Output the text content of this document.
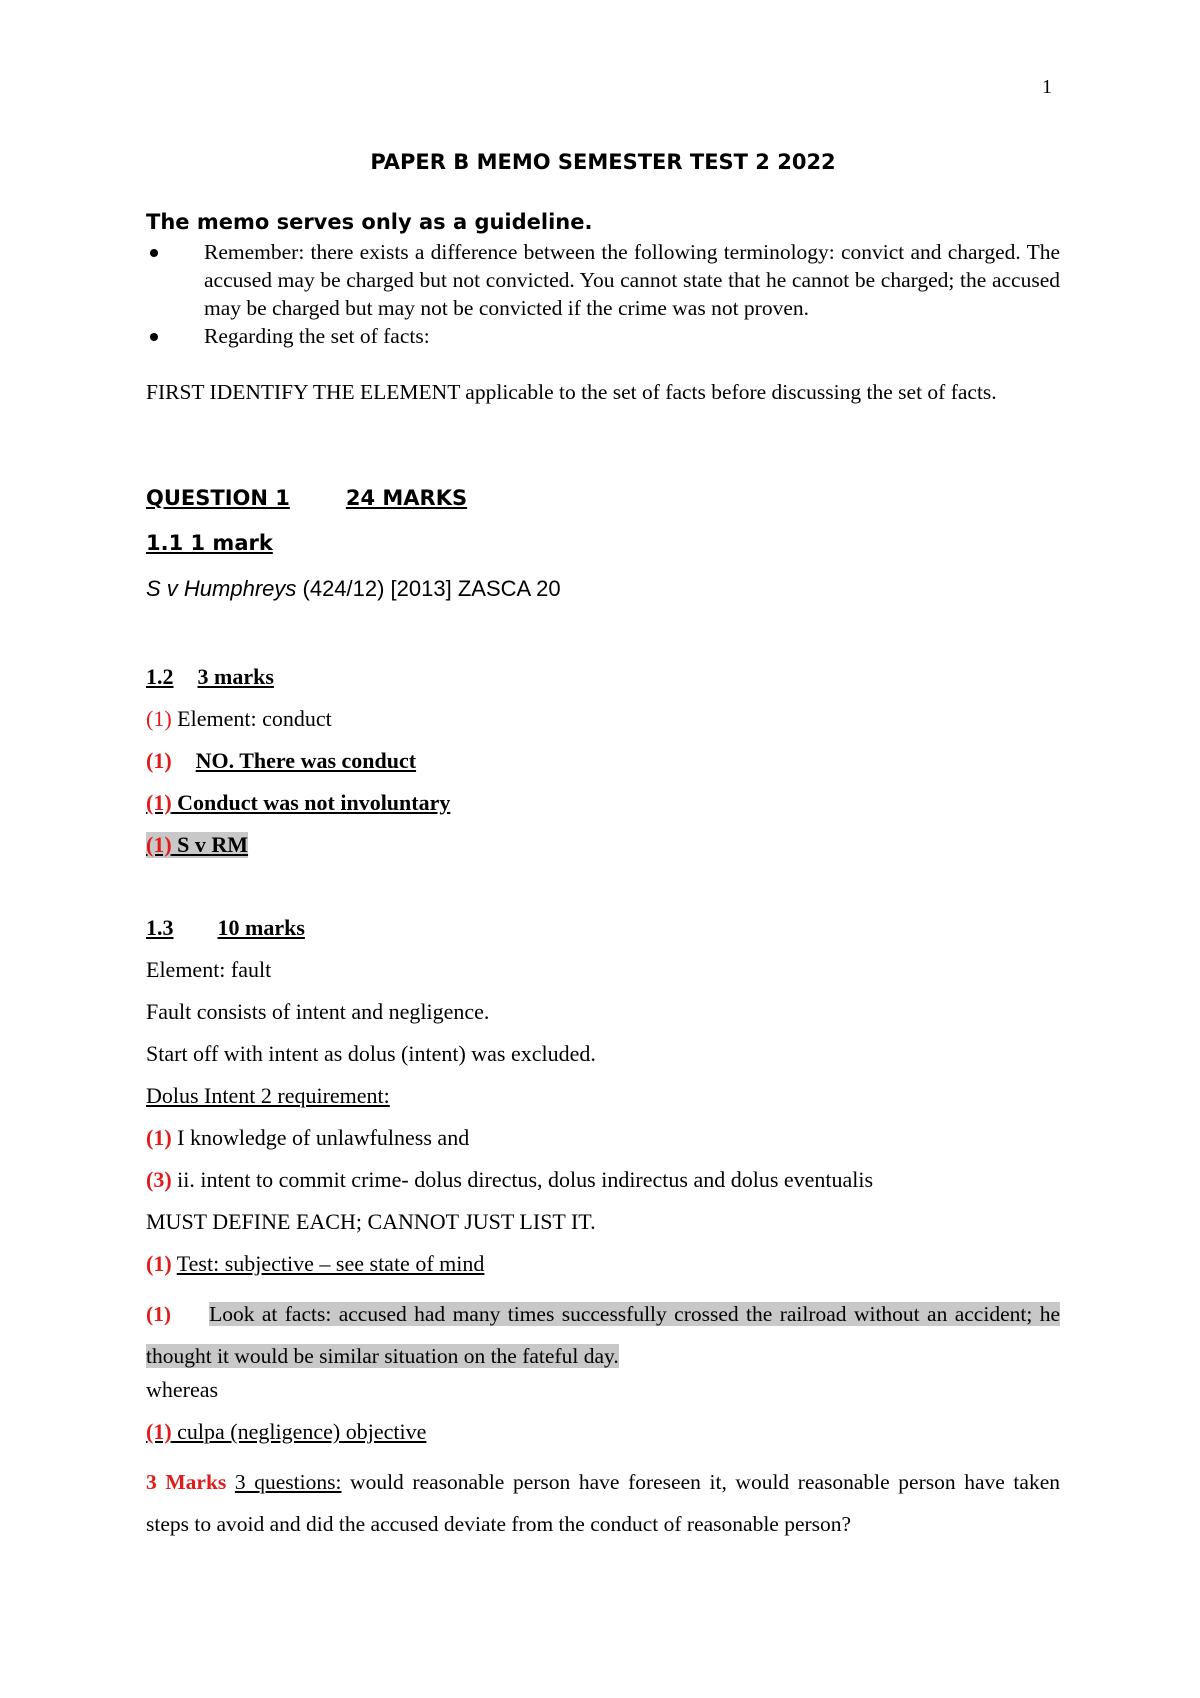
1
PAPER B MEMO SEMESTER TEST 2 2022
The memo serves only as a guideline.
Remember: there exists a difference between the following terminology: convict and charged. The accused may be charged but not convicted. You cannot state that he cannot be charged; the accused may be charged but may not be convicted if the crime was not proven.
Regarding the set of facts:
FIRST IDENTIFY THE ELEMENT applicable to the set of facts before discussing the set of facts.
QUESTION 1	24 MARKS
1.1 1 mark
S v Humphreys (424/12) [2013] ZASCA 20
1.2 3 marks
(1) Element: conduct
(1) NO. There was conduct
(1) Conduct was not involuntary
(1) S v RM
1.3 10 marks
Element: fault
Fault consists of intent and negligence.
Start off with intent as dolus (intent) was excluded.
Dolus Intent 2 requirement:
(1) I knowledge of unlawfulness and
(3) ii. intent to commit crime- dolus directus, dolus indirectus and dolus eventualis
MUST DEFINE EACH; CANNOT JUST LIST IT.
(1) Test: subjective – see state of mind
(1) Look at facts: accused had many times successfully crossed the railroad without an accident; he thought it would be similar situation on the fateful day.
whereas
(1) culpa (negligence) objective
3 Marks 3 questions: would reasonable person have foreseen it, would reasonable person have taken steps to avoid and did the accused deviate from the conduct of reasonable person?
